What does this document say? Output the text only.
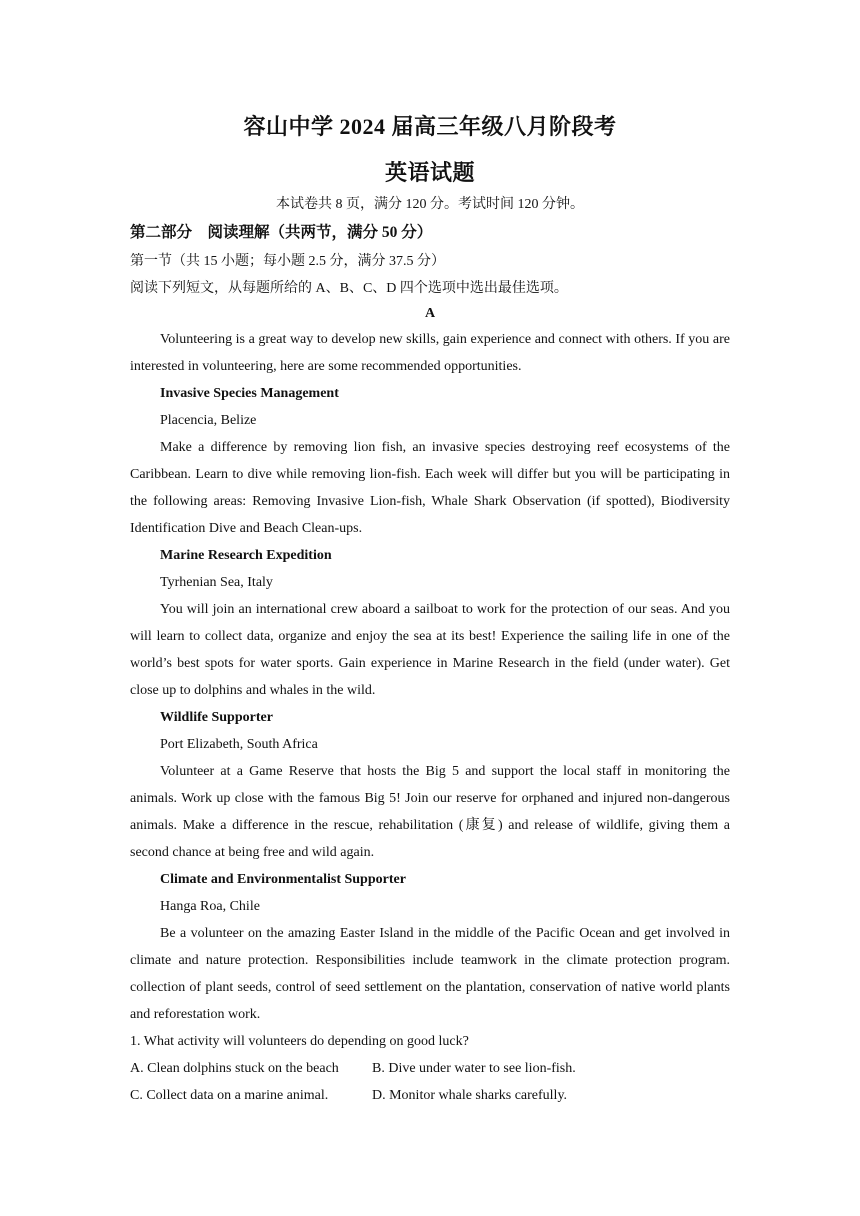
容山中学 2024 届高三年级八月阶段考
英语试题
本试卷共 8 页，满分 120 分。考试时间 120 分钟。
第二部分　阅读理解（共两节，满分 50 分）
第一节（共 15 小题；每小题 2.5 分，满分 37.5 分）
阅读下列短文，从每题所给的 A、B、C、D 四个选项中选出最佳选项。
A

Volunteering is a great way to develop new skills, gain experience and connect with others. If you are interested in volunteering, here are some recommended opportunities.

Invasive Species Management
Placencia, Belize

Make a difference by removing lion fish, an invasive species destroying reef ecosystems of the Caribbean. Learn to dive while removing lion-fish. Each week will differ but you will be participating in the following areas: Removing Invasive Lion-fish, Whale Shark Observation (if spotted), Biodiversity Identification Dive and Beach Clean-ups.

Marine Research Expedition
Tyrhenian Sea, Italy

You will join an international crew aboard a sailboat to work for the protection of our seas. And you will learn to collect data, organize and enjoy the sea at its best! Experience the sailing life in one of the world’s best spots for water sports. Gain experience in Marine Research in the field (under water). Get close up to dolphins and whales in the wild.

Wildlife Supporter
Port Elizabeth, South Africa

Volunteer at a Game Reserve that hosts the Big 5 and support the local staff in monitoring the animals. Work up close with the famous Big 5! Join our reserve for orphaned and injured non-dangerous animals. Make a difference in the rescue, rehabilitation (康复) and release of wildlife, giving them a second chance at being free and wild again.

Climate and Environmentalist Supporter
Hanga Roa, Chile

Be a volunteer on the amazing Easter Island in the middle of the Pacific Ocean and get involved in climate and nature protection. Responsibilities include teamwork in the climate protection program. collection of plant seeds, control of seed settlement on the plantation, conservation of native world plants and reforestation work.

1. What activity will volunteers do depending on good luck?
A. Clean dolphins stuck on the beach	B. Dive under water to see lion-fish.
C. Collect data on a marine animal.	D. Monitor whale sharks carefully.
